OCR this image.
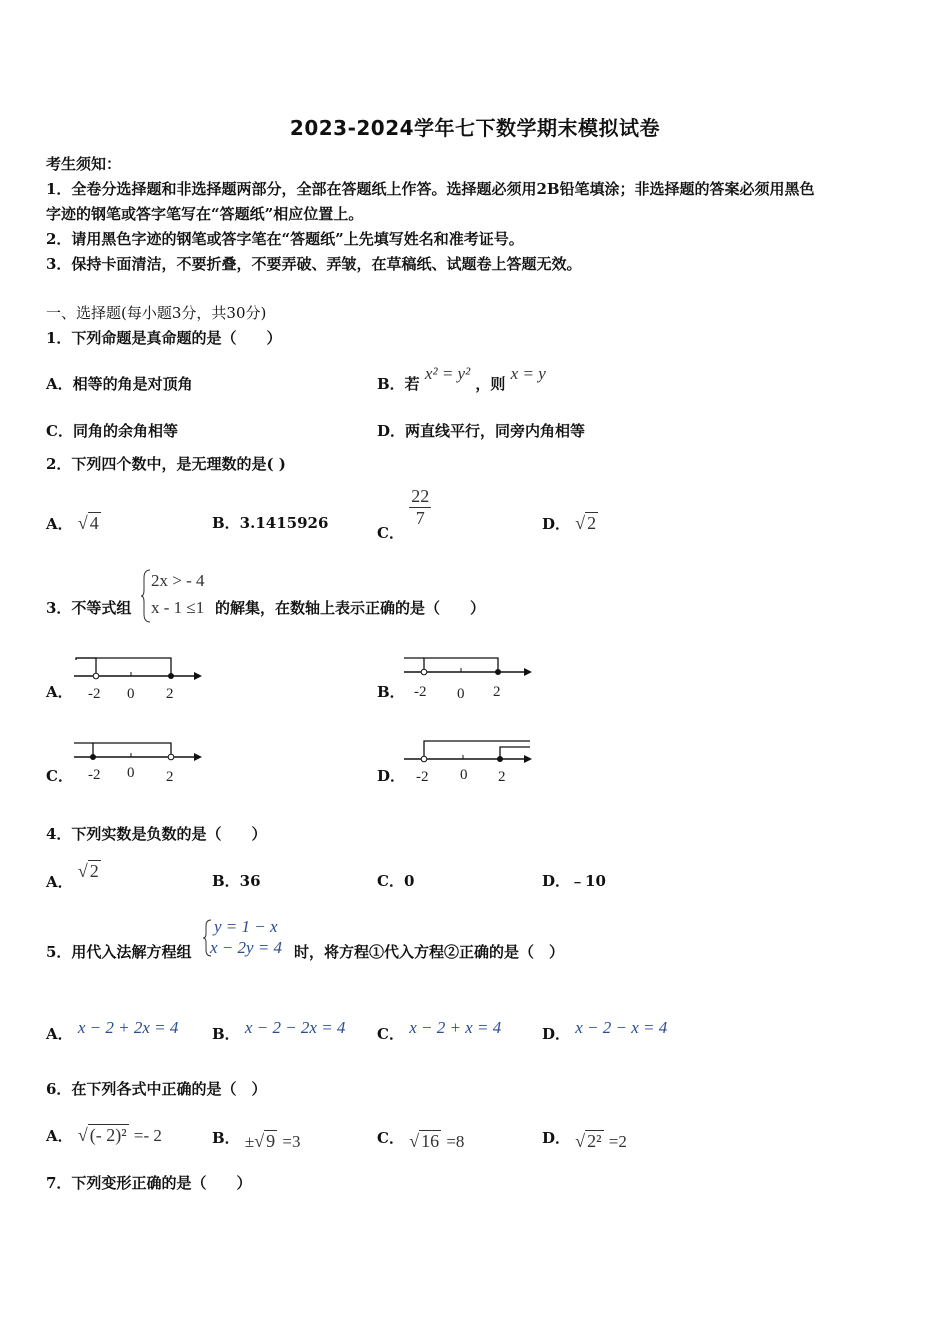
2023-2024学年七下数学期末模拟试卷
考生须知：
1．全卷分选择题和非选择题两部分，全部在答题纸上作答。选择题必须用2B铅笔填涂；非选择题的答案必须用黑色
字迹的钢笔或答字笔写在“答题纸”相应位置上。
2．请用黑色字迹的钢笔或答字笔在“答题纸”上先填写姓名和准考证号。
3．保持卡面清洁，不要折叠，不要弄破、弄皱，在草稿纸、试题卷上答题无效。
一、选择题(每小题3分，共30分)
1．下列命题是真命题的是（　　）
A．相等的角是对顶角	B．若 x² = y² ，则 x = y
C．同角的余角相等	D．两直线平行，同旁内角相等
2．下列四个数中，是无理数的是( )
A． √ 4	B．3.1415926
C．
$\frac{22}{7}$	D． √ 2
3．不等式组
2x > - 4
x - 1 ≤1 的解集，在数轴上表示正确的是（　　）
A． -2 0 2	B． -2 0 2
C． -2 0 2	D． -2 0 2
4．下列实数是负数的是（　　）
A． √ 2	B．36	C．0	D．﹣10
y = 1 − x
x − 2y = 4
5．用代入法解方程组	时，将方程①代入方程②正确的是（　）
A． x − 2 + 2x = 4 B． x − 2 − 2x = 4 C． x − 2 + x = 4	D． x − 2 − x = 4
6．在下列各式中正确的是（　）
A． √ (- 2)² =- 2	B． ±√ 9 =3	C． √ 16 =8	D． √ 2² =2
7．下列变形正确的是（　　）
